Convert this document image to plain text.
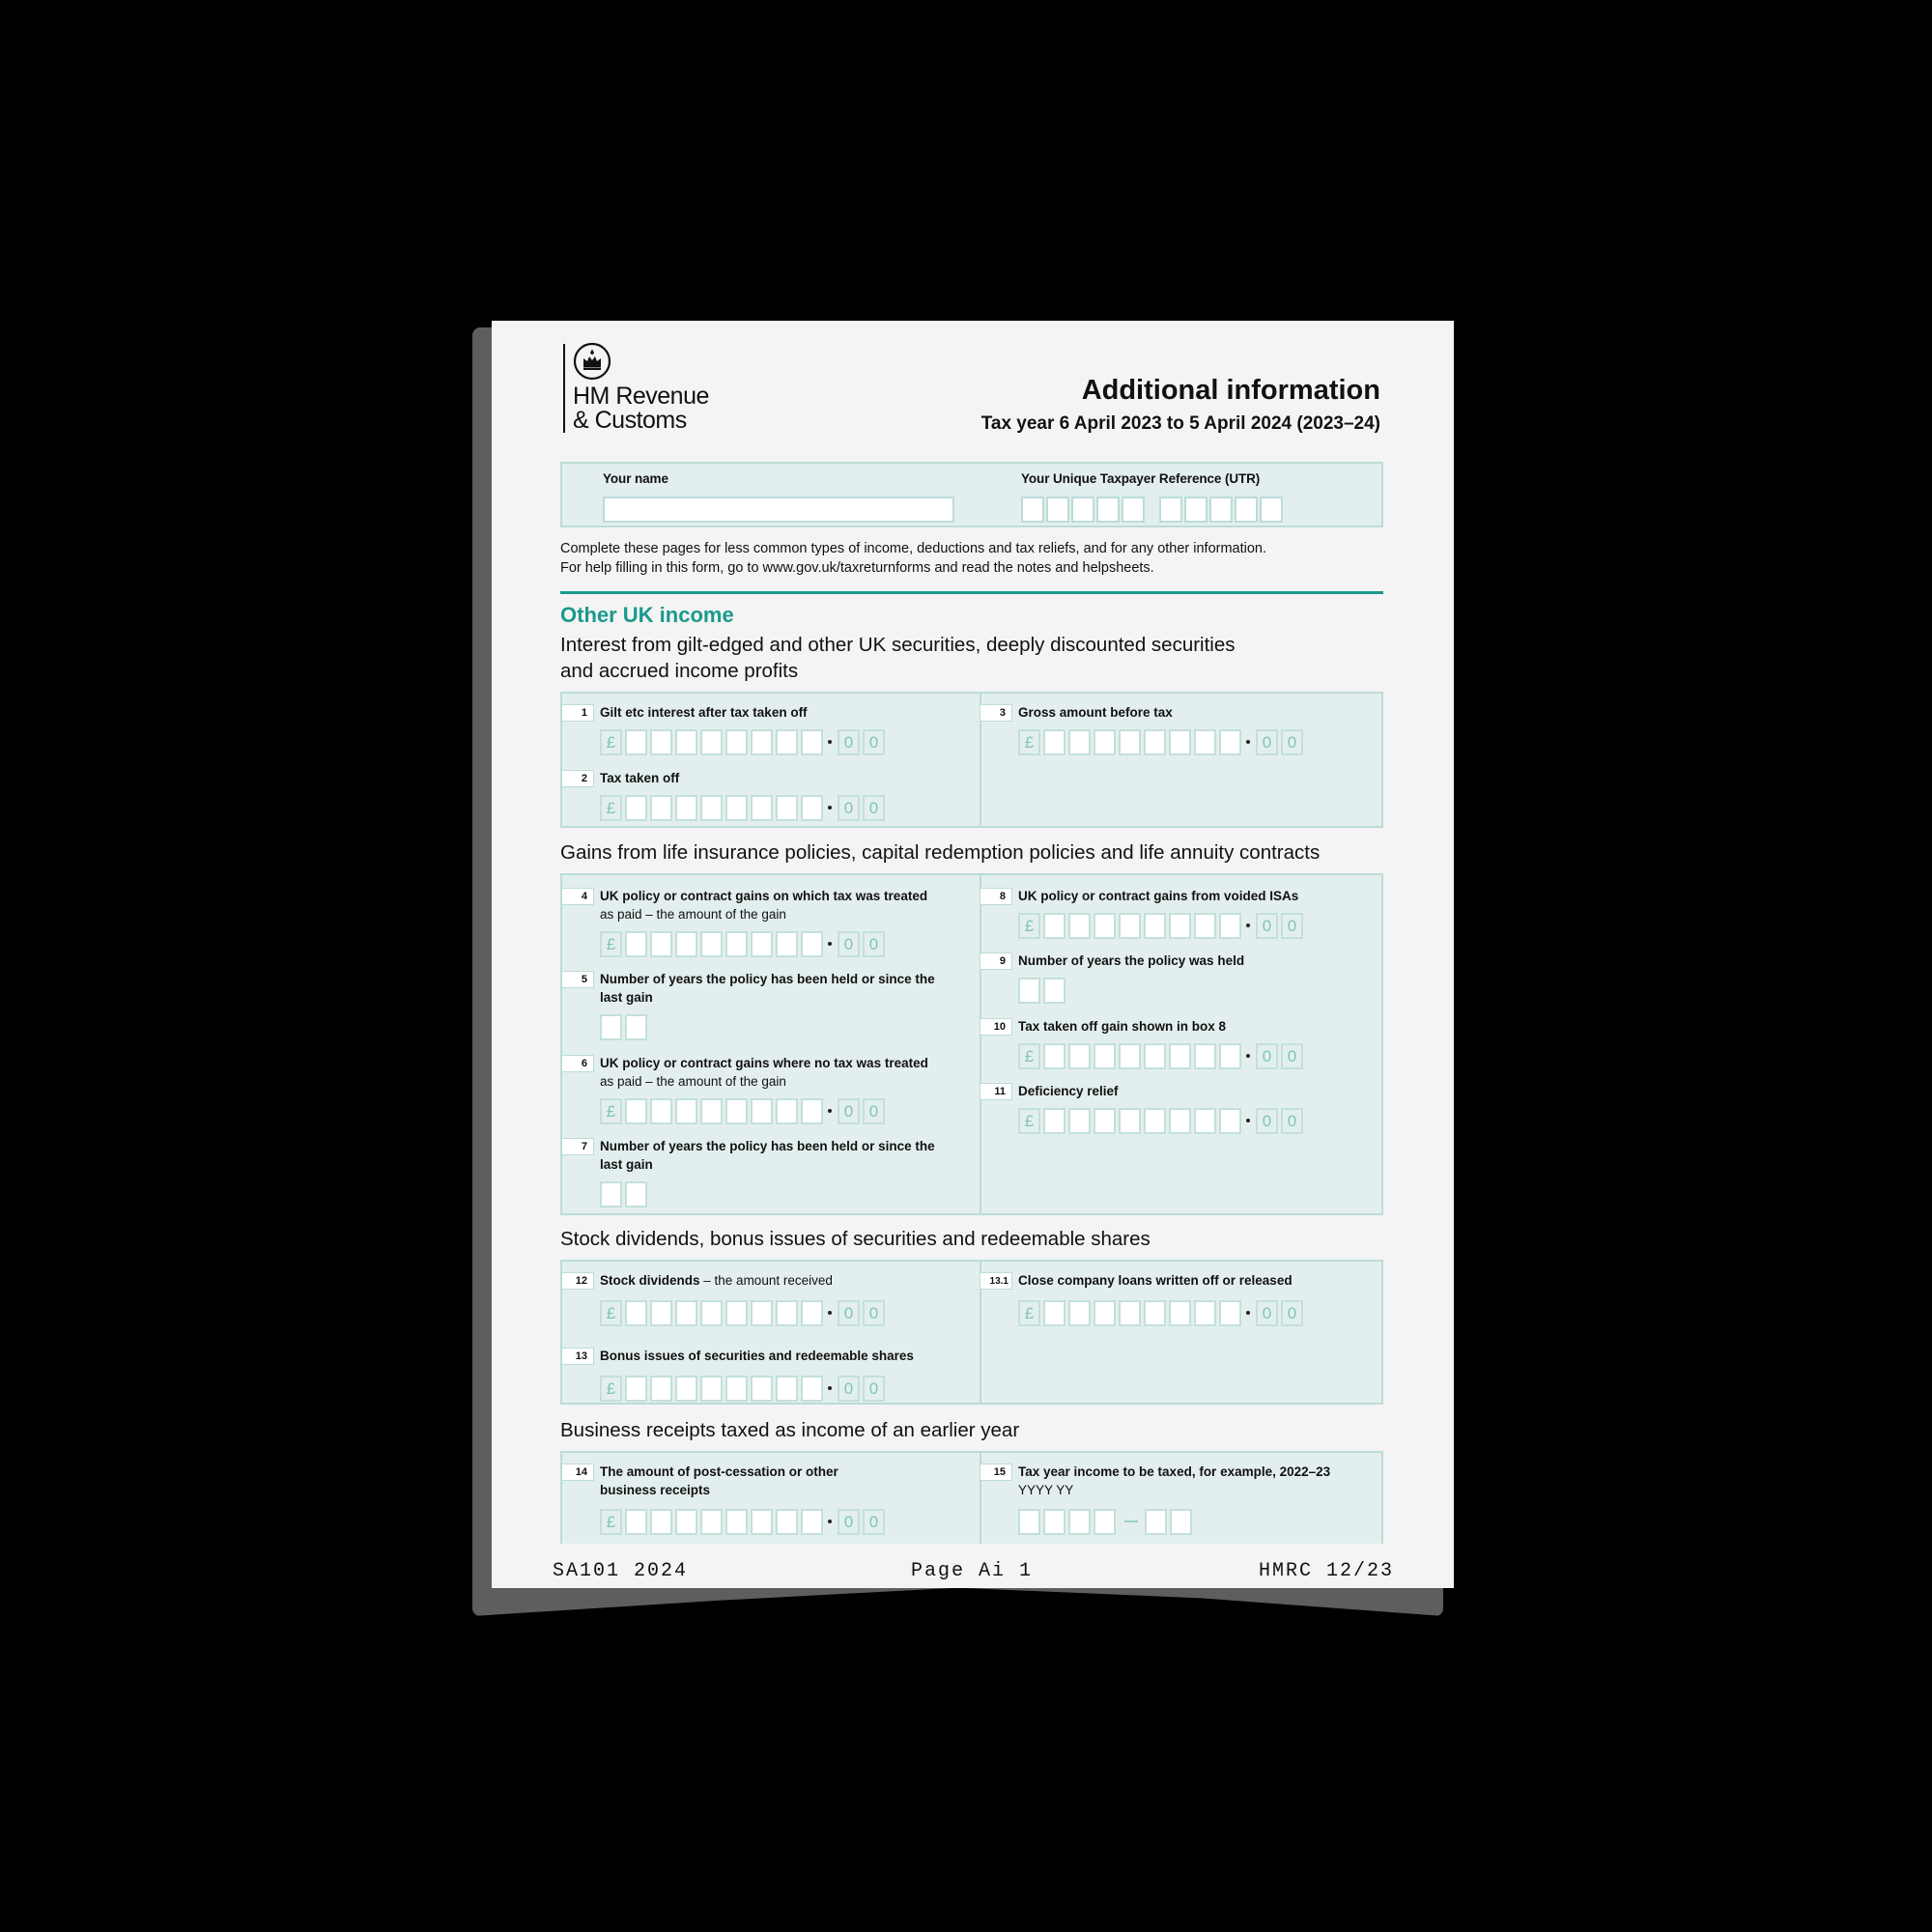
HM Revenue
& Customs
Additional information
Tax year 6 April 2023 to 5 April 2024 (2023–24)
Your name	Your Unique Taxpayer Reference (UTR)
Complete these pages for less common types of income, deductions and tax reliefs, and for any other information.
For help filling in this form, go to www.gov.uk/taxreturnforms and read the notes and helpsheets.
Other UK income
Interest from gilt-edged and other UK securities, deeply discounted securities
and accrued income profits
1 Gilt etc interest after tax taken off
£	0 0
2 Tax taken off
£	0 0
3 Gross amount before tax
£	0 0
Gains from life insurance policies, capital redemption policies and life annuity contracts
4 UK policy or contract gains on which tax was treated
as paid – the amount of the gain
£	0 0
5 Number of years the policy has been held or since the
last gain
6 UK policy or contract gains where no tax was treated
as paid – the amount of the gain
£	0 0
7 Number of years the policy has been held or since the
last gain
8 UK policy or contract gains from voided ISAs
£	0 0
9 Number of years the policy was held
10 Tax taken off gain shown in box 8
£	0 0
11 Deficiency relief
£	0 0
Stock dividends, bonus issues of securities and redeemable shares
12 Stock dividends – the amount received
£	0 0
13 Bonus issues of securities and redeemable shares
£	0 0
13.1 Close company loans written off or released
£	0 0
Business receipts taxed as income of an earlier year
14 The amount of post-cessation or other
business receipts
£	0 0
15 Tax year income to be taxed, for example, 2022–23
YYYY YY
SA101 2024	Page Ai 1	HMRC 12/23
